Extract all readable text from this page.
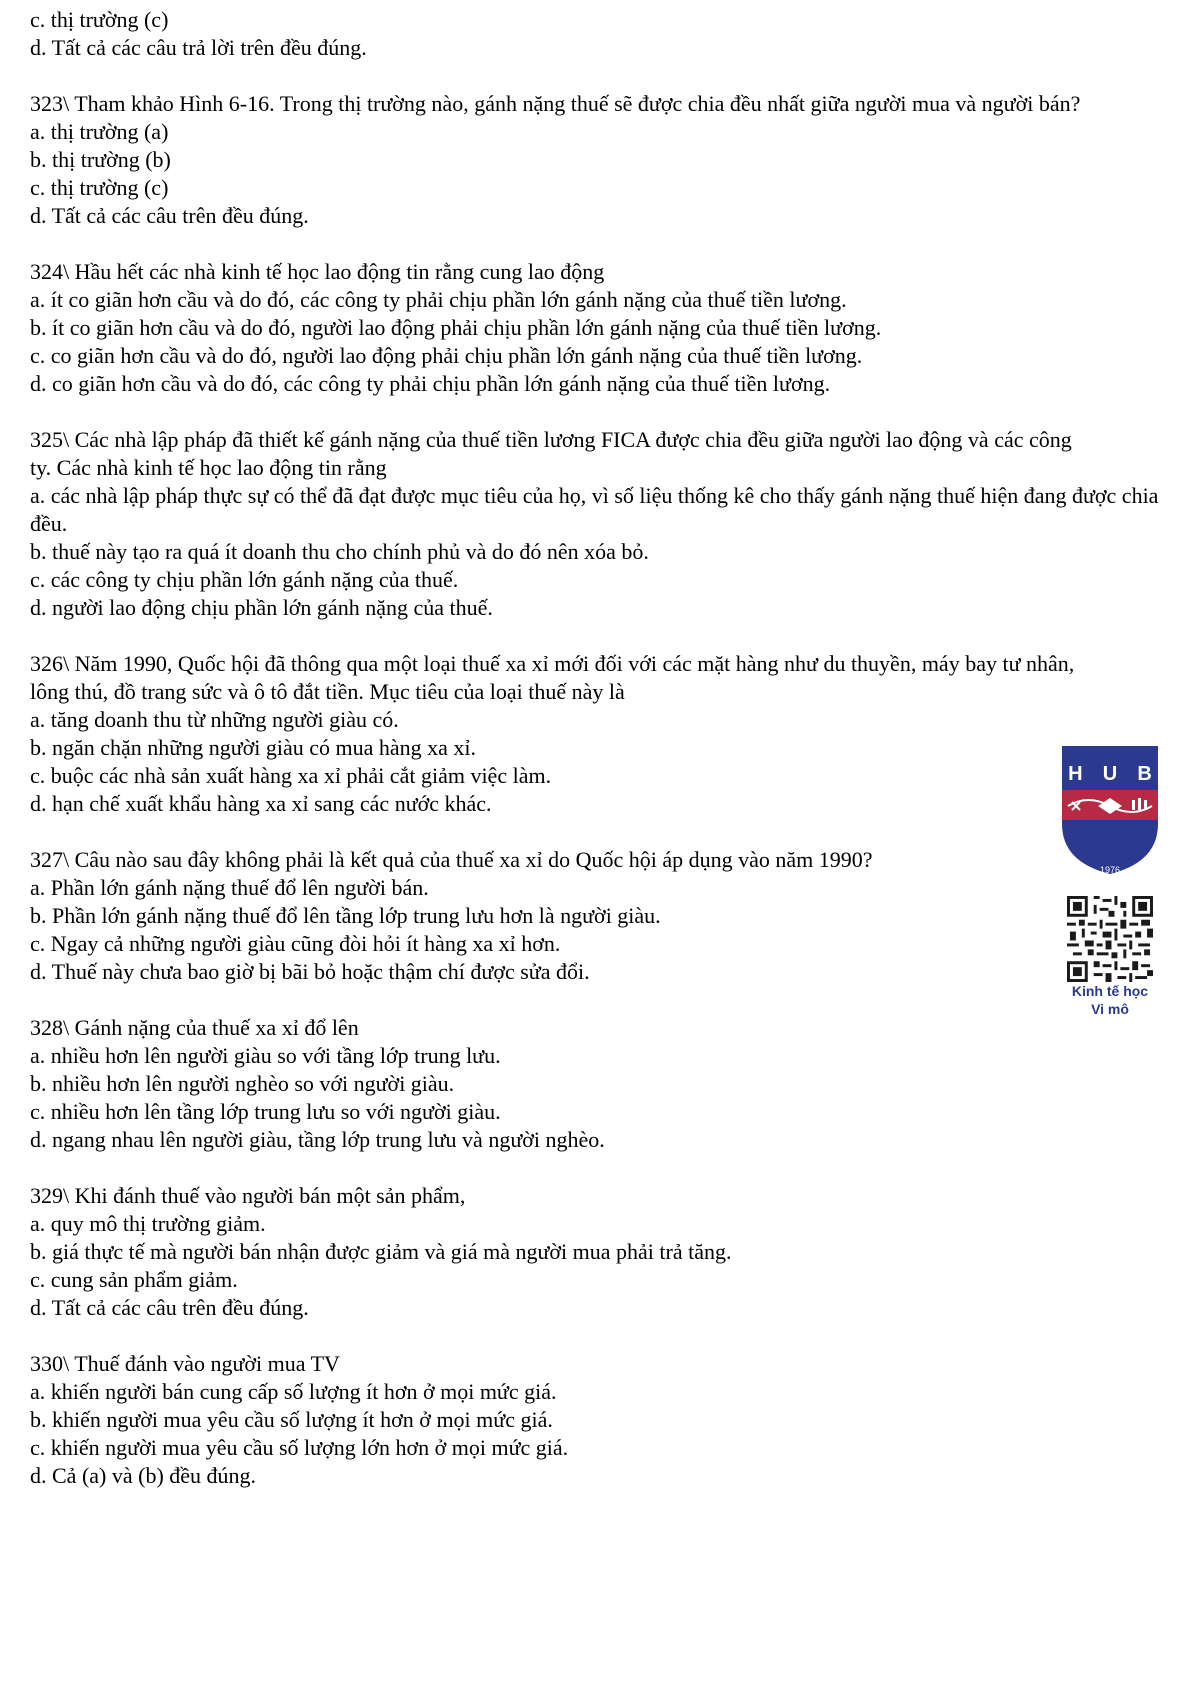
c. thị trường (c)

d. Tất cả các câu trả lời trên đều đúng.

323\ Tham khảo Hình 6-16. Trong thị trường nào, gánh nặng thuế sẽ được chia đều nhất giữa người mua và người bán?

a. thị trường (a)

b. thị trường (b)

c. thị trường (c)

d. Tất cả các câu trên đều đúng.

324\ Hầu hết các nhà kinh tế học lao động tin rằng cung lao động

a. ít co giãn hơn cầu và do đó, các công ty phải chịu phần lớn gánh nặng của thuế tiền lương.

b. ít co giãn hơn cầu và do đó, người lao động phải chịu phần lớn gánh nặng của thuế tiền lương.

c. co giãn hơn cầu và do đó, người lao động phải chịu phần lớn gánh nặng của thuế tiền lương.

d. co giãn hơn cầu và do đó, các công ty phải chịu phần lớn gánh nặng của thuế tiền lương.

325\ Các nhà lập pháp đã thiết kế gánh nặng của thuế tiền lương FICA được chia đều giữa người lao động và các công ty. Các nhà kinh tế học lao động tin rằng

a. các nhà lập pháp thực sự có thể đã đạt được mục tiêu của họ, vì số liệu thống kê cho thấy gánh nặng thuế hiện đang được chia đều.

b. thuế này tạo ra quá ít doanh thu cho chính phủ và do đó nên xóa bỏ.

c. các công ty chịu phần lớn gánh nặng của thuế.

d. người lao động chịu phần lớn gánh nặng của thuế.

326\ Năm 1990, Quốc hội đã thông qua một loại thuế xa xỉ mới đối với các mặt hàng như du thuyền, máy bay tư nhân, lông thú, đồ trang sức và ô tô đắt tiền. Mục tiêu của loại thuế này là

a. tăng doanh thu từ những người giàu có.

b. ngăn chặn những người giàu có mua hàng xa xỉ.

c. buộc các nhà sản xuất hàng xa xỉ phải cắt giảm việc làm.

d. hạn chế xuất khẩu hàng xa xỉ sang các nước khác.

327\ Câu nào sau đây không phải là kết quả của thuế xa xỉ do Quốc hội áp dụng vào năm 1990?

a. Phần lớn gánh nặng thuế đổ lên người bán.

b. Phần lớn gánh nặng thuế đổ lên tầng lớp trung lưu hơn là người giàu.

c. Ngay cả những người giàu cũng đòi hỏi ít hàng xa xỉ hơn.

d. Thuế này chưa bao giờ bị bãi bỏ hoặc thậm chí được sửa đổi.

328\ Gánh nặng của thuế xa xỉ đổ lên

a. nhiều hơn lên người giàu so với tầng lớp trung lưu.

b. nhiều hơn lên người nghèo so với người giàu.

c. nhiều hơn lên tầng lớp trung lưu so với người giàu.

d. ngang nhau lên người giàu, tầng lớp trung lưu và người nghèo.

329\ Khi đánh thuế vào người bán một sản phẩm,

a. quy mô thị trường giảm.

b. giá thực tế mà người bán nhận được giảm và giá mà người mua phải trả tăng.

c. cung sản phẩm giảm.

d. Tất cả các câu trên đều đúng.

330\ Thuế đánh vào người mua TV

a. khiến người bán cung cấp số lượng ít hơn ở mọi mức giá.

b. khiến người mua yêu cầu số lượng ít hơn ở mọi mức giá.

c. khiến người mua yêu cầu số lượng lớn hơn ở mọi mức giá.

d. Cả (a) và (b) đều đúng.

H U B
1976
Kinh tế học
Vi mô
